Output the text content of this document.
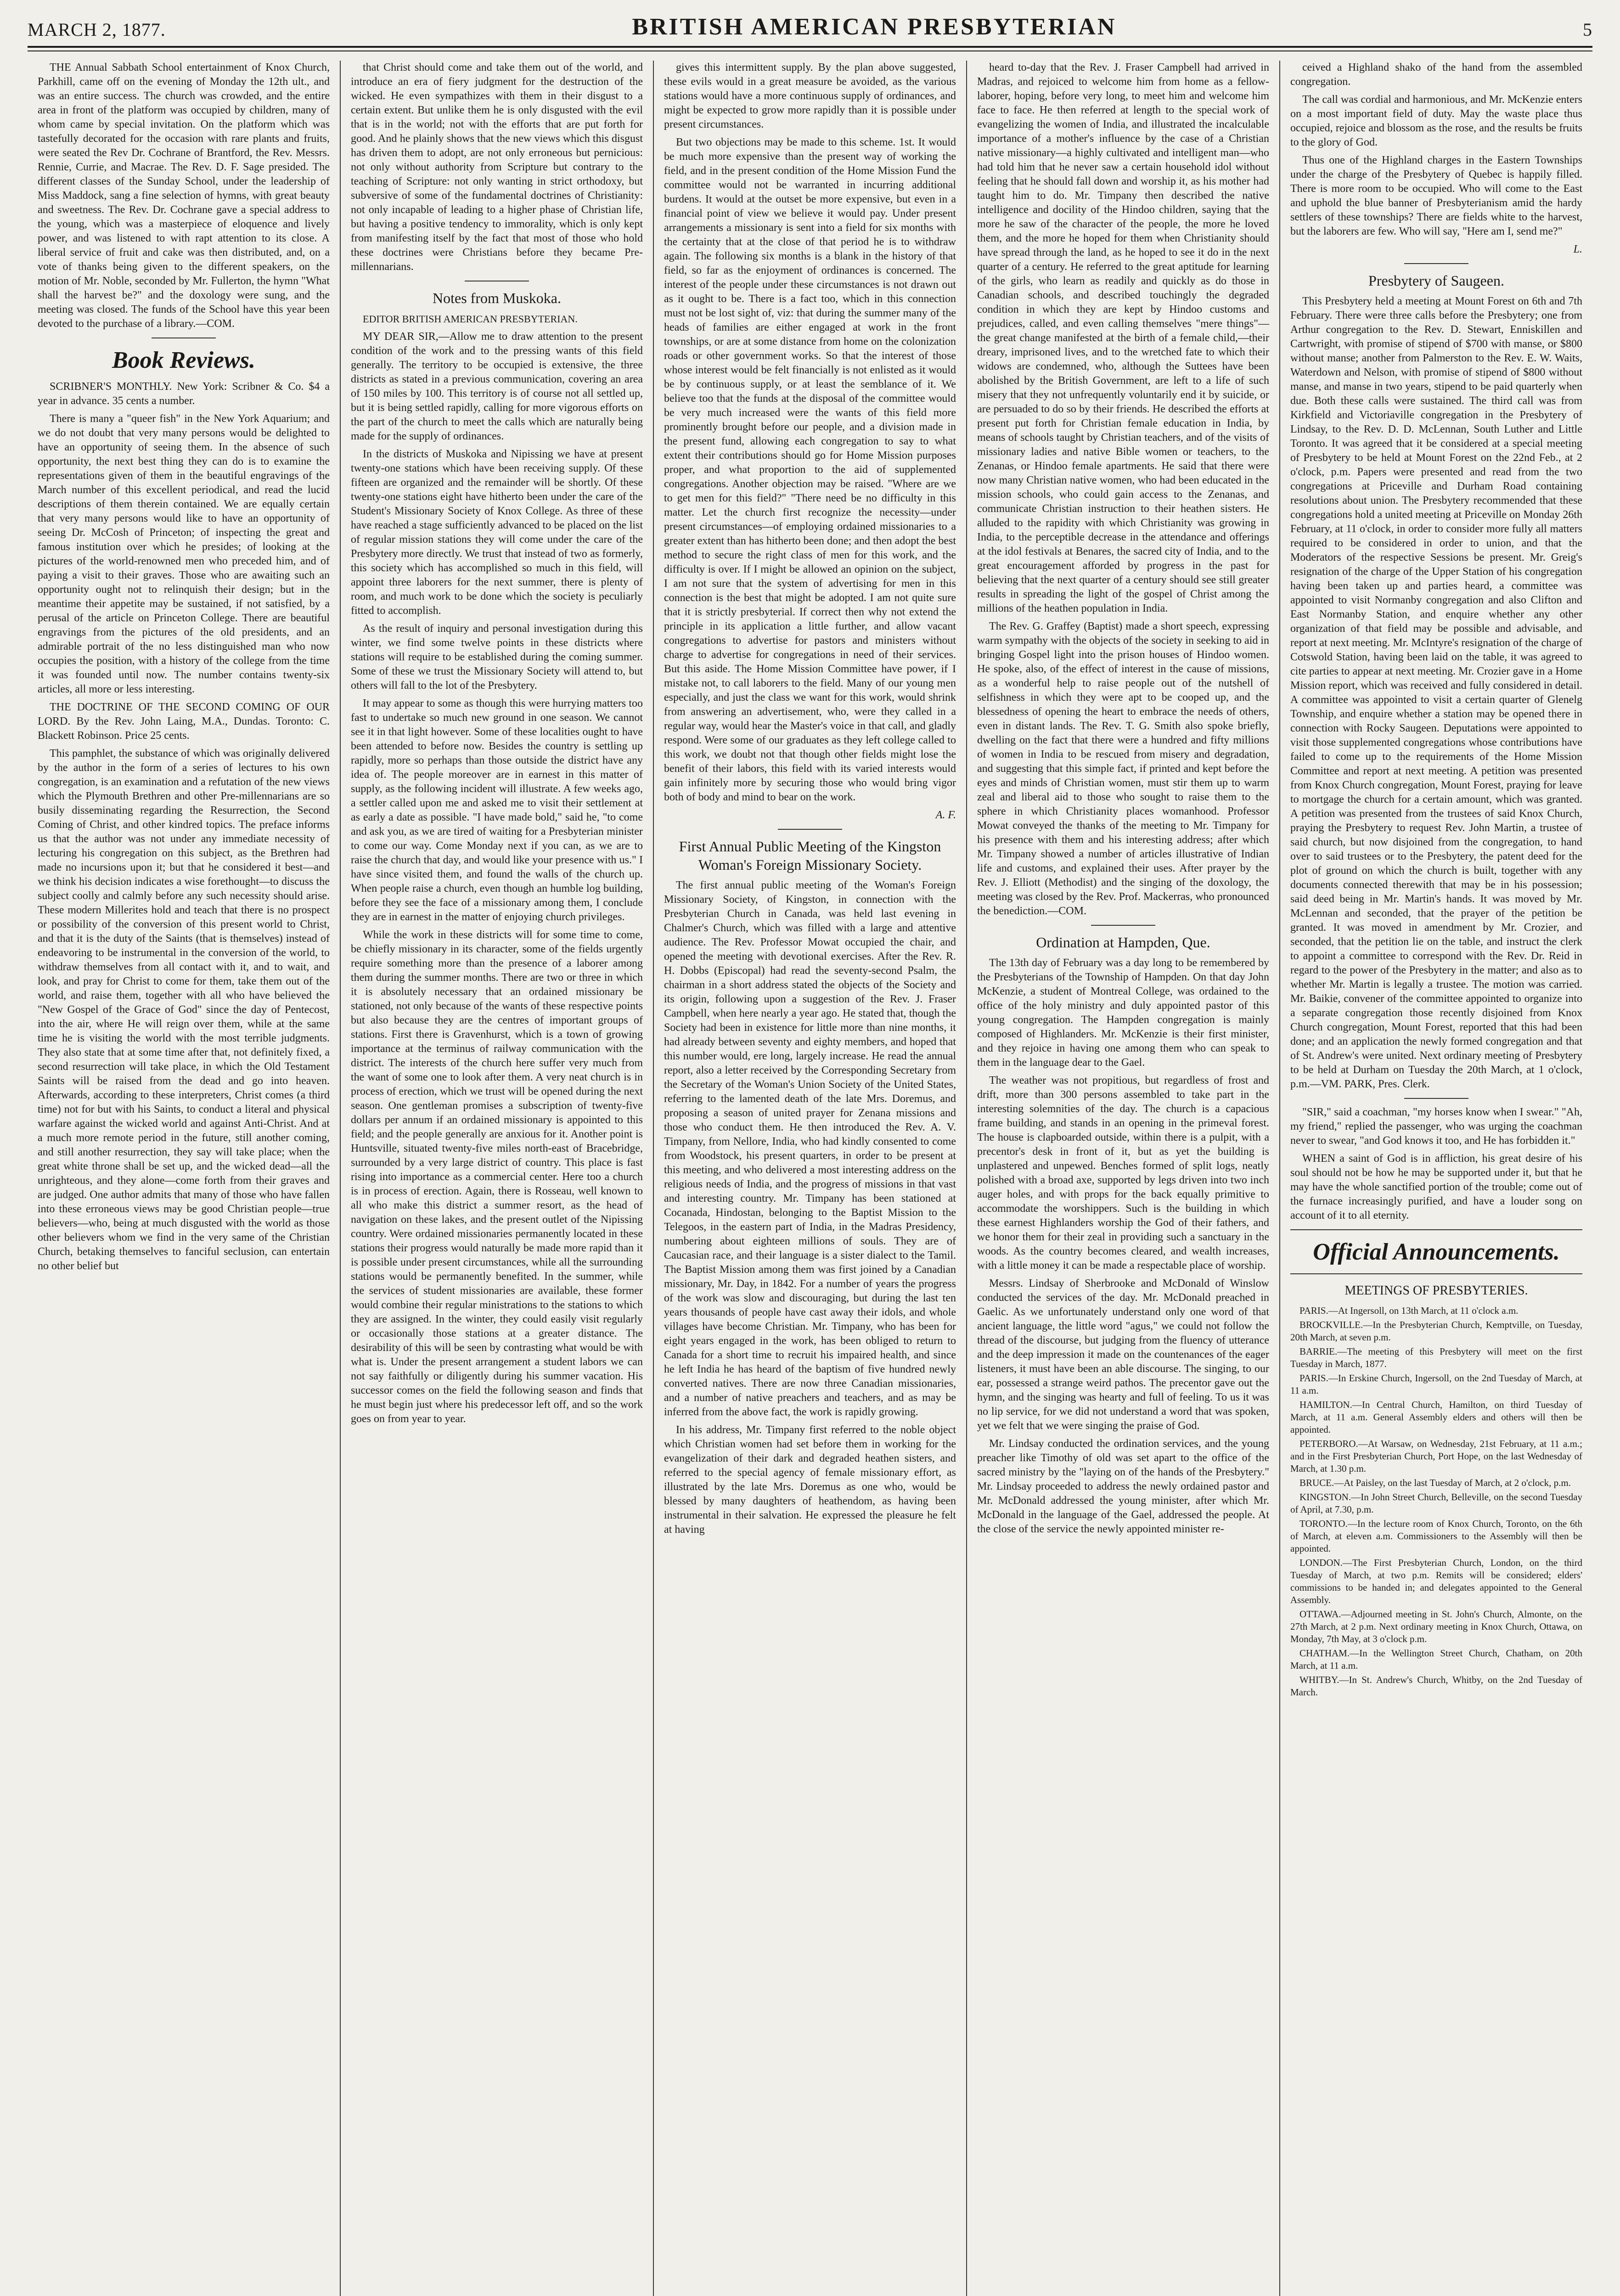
MARCH 2, 1877.	BRITISH AMERICAN PRESBYTERIAN	5

THE Annual Sabbath School entertainment of Knox Church, Parkhill, came off on the evening of Monday the 12th ult., and was an entire success. The church was crowded, and the entire area in front of the platform was occupied by children, many of whom came by special invitation. On the platform which was tastefully decorated for the occasion with rare plants and fruits, were seated the Rev Dr. Cochrane of Brantford, the Rev. Messrs. Rennie, Currie, and Macrae. The Rev. D. F. Sage presided. The different classes of the Sunday School, under the leadership of Miss Maddock, sang a fine selection of hymns, with great beauty and sweetness. The Rev. Dr. Cochrane gave a special address to the young, which was a masterpiece of eloquence and lively power, and was listened to with rapt attention to its close. A liberal service of fruit and cake was then distributed, and, on a vote of thanks being given to the different speakers, on the motion of Mr. Noble, seconded by Mr. Fullerton, the hymn "What shall the harvest be?" and the doxology were sung, and the meeting was closed. The funds of the School have this year been devoted to the purchase of a library.—COM.

Book Reviews.

SCRIBNER'S MONTHLY. New York: Scribner & Co. $4 a year in advance. 35 cents a number.

There is many a "queer fish" in the New York Aquarium; and we do not doubt that very many persons would be delighted to have an opportunity of seeing them. In the absence of such opportunity, the next best thing they can do is to examine the representations given of them in the beautiful engravings of the March number of this excellent periodical, and read the lucid descriptions of them therein contained. We are equally certain that very many persons would like to have an opportunity of seeing Dr. McCosh of Princeton; of inspecting the great and famous institution over which he presides; of looking at the pictures of the world-renowned men who preceded him, and of paying a visit to their graves. Those who are awaiting such an opportunity ought not to relinquish their design; but in the meantime their appetite may be sustained, if not satisfied, by a perusal of the article on Princeton College. There are beautiful engravings from the pictures of the old presidents, and an admirable portrait of the no less distinguished man who now occupies the position, with a history of the college from the time it was founded until now. The number contains twenty-six articles, all more or less interesting.

THE DOCTRINE OF THE SECOND COMING OF OUR LORD. By the Rev. John Laing, M.A., Dundas. Toronto: C. Blackett Robinson. Price 25 cents.

This pamphlet, the substance of which was originally delivered by the author in the form of a series of lectures to his own congregation, is an examination and a refutation of the new views which the Plymouth Brethren and other Pre-millennarians are so busily disseminating regarding the Resurrection, the Second Coming of Christ, and other kindred topics. The preface informs us that the author was not under any immediate necessity of lecturing his congregation on this subject, as the Brethren had made no incursions upon it; but that he considered it best—and we think his decision indicates a wise forethought—to discuss the subject coolly and calmly before any such necessity should arise. These modern Millerites hold and teach that there is no prospect or possibility of the conversion of this present world to Christ, and that it is the duty of the Saints (that is themselves) instead of endeavoring to be instrumental in the conversion of the world, to withdraw themselves from all contact with it, and to wait, and look, and pray for Christ to come for them, take them out of the world, and raise them, together with all who have believed the "New Gospel of the Grace of God" since the day of Pentecost, into the air, where He will reign over them, while at the same time he is visiting the world with the most terrible judgments. They also state that at some time after that, not definitely fixed, a second resurrection will take place, in which the Old Testament Saints will be raised from the dead and go into heaven. Afterwards, according to these interpreters, Christ comes (a third time) not for but with his Saints, to conduct a literal and physical warfare against the wicked world and against Anti-Christ. And at a much more remote period in the future, still another coming, and still another resurrection, they say will take place; when the great white throne shall be set up, and the wicked dead—all the unrighteous, and they alone—come forth from their graves and are judged. One author admits that many of those who have fallen into these erroneous views may be good Christian people—true believers—who, being at much disgusted with the world as those other believers whom we find in the very same of the Christian Church, betaking themselves to fanciful seclusion, can entertain no other belief but

that Christ should come and take them out of the world, and introduce an era of fiery judgment for the destruction of the wicked. He even sympathizes with them in their disgust to a certain extent. But unlike them he is only disgusted with the evil that is in the world; not with the efforts that are put forth for good. And he plainly shows that the new views which this disgust has driven them to adopt, are not only erroneous but pernicious: not only without authority from Scripture but contrary to the teaching of Scripture: not only wanting in strict orthodoxy, but subversive of some of the fundamental doctrines of Christianity: not only incapable of leading to a higher phase of Christian life, but having a positive tendency to immorality, which is only kept from manifesting itself by the fact that most of those who hold these doctrines were Christians before they became Pre-millennarians.

Notes from Muskoka.

EDITOR BRITISH AMERICAN PRESBYTERIAN.

MY DEAR SIR,—Allow me to draw attention to the present condition of the work and to the pressing wants of this field generally. The territory to be occupied is extensive, the three districts as stated in a previous communication, covering an area of 150 miles by 100. This territory is of course not all settled up, but it is being settled rapidly, calling for more vigorous efforts on the part of the church to meet the calls which are naturally being made for the supply of ordinances.

In the districts of Muskoka and Nipissing we have at present twenty-one stations which have been receiving supply. Of these fifteen are organized and the remainder will be shortly. Of these twenty-one stations eight have hitherto been under the care of the Student's Missionary Society of Knox College. As three of these have reached a stage sufficiently advanced to be placed on the list of regular mission stations they will come under the care of the Presbytery more directly. We trust that instead of two as formerly, this society which has accomplished so much in this field, will appoint three laborers for the next summer, there is plenty of room, and much work to be done which the society is peculiarly fitted to accomplish.

As the result of inquiry and personal investigation during this winter, we find some twelve points in these districts where stations will require to be established during the coming summer. Some of these we trust the Missionary Society will attend to, but others will fall to the lot of the Presbytery.

It may appear to some as though this were hurrying matters too fast to undertake so much new ground in one season. We cannot see it in that light however. Some of these localities ought to have been attended to before now. Besides the country is settling up rapidly, more so perhaps than those outside the district have any idea of. The people moreover are in earnest in this matter of supply, as the following incident will illustrate. A few weeks ago, a settler called upon me and asked me to visit their settlement at as early a date as possible. "I have made bold," said he, "to come and ask you, as we are tired of waiting for a Presbyterian minister to come our way. Come Monday next if you can, as we are to raise the church that day, and would like your presence with us." I have since visited them, and found the walls of the church up. When people raise a church, even though an humble log building, before they see the face of a missionary among them, I conclude they are in earnest in the matter of enjoying church privileges.

While the work in these districts will for some time to come, be chiefly missionary in its character, some of the fields urgently require something more than the presence of a laborer among them during the summer months. There are two or three in which it is absolutely necessary that an ordained missionary be stationed, not only because of the wants of these respective points but also because they are the centres of important groups of stations. First there is Gravenhurst, which is a town of growing importance at the terminus of railway communication with the district. The interests of the church here suffer very much from the want of some one to look after them. A very neat church is in process of erection, which we trust will be opened during the next season. One gentleman promises a subscription of twenty-five dollars per annum if an ordained missionary is appointed to this field; and the people generally are anxious for it. Another point is Huntsville, situated twenty-five miles north-east of Bracebridge, surrounded by a very large district of country. This place is fast rising into importance as a commercial center. Here too a church is in process of erection. Again, there is Rosseau, well known to all who make this district a summer resort, as the head of navigation on these lakes, and the present outlet of the Nipissing country. Were ordained missionaries permanently located in these stations their progress would naturally be made more rapid than it is possible under present circumstances, while all the surrounding stations would be permanently benefited. In the summer, while the services of student missionaries are available, these former would combine their regular ministrations to the stations to which they are assigned. In the winter, they could easily visit regularly or occasionally those stations at a greater distance. The desirability of this will be seen by contrasting what would be with what is. Under the present arrangement a student labors we can not say faithfully or diligently during his summer vacation. His successor comes on the field the following season and finds that he must begin just where his predecessor left off, and so the work goes on from year to year.

gives this intermittent supply. By the plan above suggested, these evils would in a great measure be avoided, as the various stations would have a more continuous supply of ordinances, and might be expected to grow more rapidly than it is possible under present circumstances.

But two objections may be made to this scheme. 1st. It would be much more expensive than the present way of working the field, and in the present condition of the Home Mission Fund the committee would not be warranted in incurring additional burdens. It would at the outset be more expensive, but even in a financial point of view we believe it would pay. Under present arrangements a missionary is sent into a field for six months with the certainty that at the close of that period he is to withdraw again. The following six months is a blank in the history of that field, so far as the enjoyment of ordinances is concerned. The interest of the people under these circumstances is not drawn out as it ought to be. There is a fact too, which in this connection must not be lost sight of, viz: that during the summer many of the heads of families are either engaged at work in the front townships, or are at some distance from home on the colonization roads or other government works. So that the interest of those whose interest would be felt financially is not enlisted as it would be by continuous supply, or at least the semblance of it. We believe too that the funds at the disposal of the committee would be very much increased were the wants of this field more prominently brought before our people, and a division made in the present fund, allowing each congregation to say to what extent their contributions should go for Home Mission purposes proper, and what proportion to the aid of supplemented congregations. Another objection may be raised. "Where are we to get men for this field?" "There need be no difficulty in this matter. Let the church first recognize the necessity—under present circumstances—of employing ordained missionaries to a greater extent than has hitherto been done; and then adopt the best method to secure the right class of men for this work, and the difficulty is over. If I might be allowed an opinion on the subject, I am not sure that the system of advertising for men in this connection is the best that might be adopted. I am not quite sure that it is strictly presbyterial. If correct then why not extend the principle in its application a little further, and allow vacant congregations to advertise for pastors and ministers without charge to advertise for congregations in need of their services. But this aside. The Home Mission Committee have power, if I mistake not, to call laborers to the field. Many of our young men especially, and just the class we want for this work, would shrink from answering an advertisement, who, were they called in a regular way, would hear the Master's voice in that call, and gladly respond. Were some of our graduates as they left college called to this work, we doubt not that though other fields might lose the benefit of their labors, this field with its varied interests would gain infinitely more by securing those who would bring vigor both of body and mind to bear on the work.

A. F.

First Annual Public Meeting of the Kingston Woman's Foreign Missionary Society.

The first annual public meeting of the Woman's Foreign Missionary Society, of Kingston, in connection with the Presbyterian Church in Canada, was held last evening in Chalmer's Church, which was filled with a large and attentive audience. The Rev. Professor Mowat occupied the chair, and opened the meeting with devotional exercises. After the Rev. R. H. Dobbs (Episcopal) had read the seventy-second Psalm, the chairman in a short address stated the objects of the Society and its origin, following upon a suggestion of the Rev. J. Fraser Campbell, when here nearly a year ago. He stated that, though the Society had been in existence for little more than nine months, it had already between seventy and eighty members, and hoped that this number would, ere long, largely increase. He read the annual report, also a letter received by the Corresponding Secretary from the Secretary of the Woman's Union Society of the United States, referring to the lamented death of the late Mrs. Doremus, and proposing a season of united prayer for Zenana missions and those who conduct them. He then introduced the Rev. A. V. Timpany, from Nellore, India, who had kindly consented to come from Woodstock, his present quarters, in order to be present at this meeting, and who delivered a most interesting address on the religious needs of India, and the progress of missions in that vast and interesting country. Mr. Timpany has been stationed at Cocanada, Hindostan, belonging to the Baptist Mission to the Telegoos, in the eastern part of India, in the Madras Presidency, numbering about eighteen millions of souls. They are of Caucasian race, and their language is a sister dialect to the Tamil. The Baptist Mission among them was first joined by a Canadian missionary, Mr. Day, in 1842. For a number of years the progress of the work was slow and discouraging, but during the last ten years thousands of people have cast away their idols, and whole villages have become Christian. Mr. Timpany, who has been for eight years engaged in the work, has been obliged to return to Canada for a short time to recruit his impaired health, and since he left India he has heard of the baptism of five hundred newly converted natives. There are now three Canadian missionaries, and a number of native preachers and teachers, and as may be inferred from the above fact, the work is rapidly growing.

In his address, Mr. Timpany first referred to the noble object which Christian women had set before them in working for the evangelization of their dark and degraded heathen sisters, and referred to the special agency of female missionary effort, as illustrated by the late Mrs. Doremus as one who, would be blessed by many daughters of heathendom, as having been instrumental in their salvation. He expressed the pleasure he felt at having

heard to-day that the Rev. J. Fraser Campbell had arrived in Madras, and rejoiced to welcome him from home as a fellow-laborer, hoping, before very long, to meet him and welcome him face to face. He then referred at length to the special work of evangelizing the women of India, and illustrated the incalculable importance of a mother's influence by the case of a Christian native missionary—a highly cultivated and intelligent man—who had told him that he never saw a certain household idol without feeling that he should fall down and worship it, as his mother had taught him to do. Mr. Timpany then described the native intelligence and docility of the Hindoo children, saying that the more he saw of the character of the people, the more he loved them, and the more he hoped for them when Christianity should have spread through the land, as he hoped to see it do in the next quarter of a century. He referred to the great aptitude for learning of the girls, who learn as readily and quickly as do those in Canadian schools, and described touchingly the degraded condition in which they are kept by Hindoo customs and prejudices, called, and even calling themselves "mere things"—the great change manifested at the birth of a female child,—their dreary, imprisoned lives, and to the wretched fate to which their widows are condemned, who, although the Suttees have been abolished by the British Government, are left to a life of such misery that they not unfrequently voluntarily end it by suicide, or are persuaded to do so by their friends. He described the efforts at present put forth for Christian female education in India, by means of schools taught by Christian teachers, and of the visits of missionary ladies and native Bible women or teachers, to the Zenanas, or Hindoo female apartments. He said that there were now many Christian native women, who had been educated in the mission schools, who could gain access to the Zenanas, and communicate Christian instruction to their heathen sisters. He alluded to the rapidity with which Christianity was growing in India, to the perceptible decrease in the attendance and offerings at the idol festivals at Benares, the sacred city of India, and to the great encouragement afforded by progress in the past for believing that the next quarter of a century should see still greater results in spreading the light of the gospel of Christ among the millions of the heathen population in India.

The Rev. G. Graffey (Baptist) made a short speech, expressing warm sympathy with the objects of the society in seeking to aid in bringing Gospel light into the prison houses of Hindoo women. He spoke, also, of the effect of interest in the cause of missions, as a wonderful help to raise people out of the nutshell of selfishness in which they were apt to be cooped up, and the blessedness of opening the heart to embrace the needs of others, even in distant lands. The Rev. T. G. Smith also spoke briefly, dwelling on the fact that there were a hundred and fifty millions of women in India to be rescued from misery and degradation, and suggesting that this simple fact, if printed and kept before the eyes and minds of Christian women, must stir them up to warm zeal and liberal aid to those who sought to raise them to the sphere in which Christianity places womanhood. Professor Mowat conveyed the thanks of the meeting to Mr. Timpany for his presence with them and his interesting address; after which Mr. Timpany showed a number of articles illustrative of Indian life and customs, and explained their uses. After prayer by the Rev. J. Elliott (Methodist) and the singing of the doxology, the meeting was closed by the Rev. Prof. Mackerras, who pronounced the benediction.—COM.

Ordination at Hampden, Que.

The 13th day of February was a day long to be remembered by the Presbyterians of the Township of Hampden. On that day John McKenzie, a student of Montreal College, was ordained to the office of the holy ministry and duly appointed pastor of this young congregation. The Hampden congregation is mainly composed of Highlanders. Mr. McKenzie is their first minister, and they rejoice in having one among them who can speak to them in the language dear to the Gael.

The weather was not propitious, but regardless of frost and drift, more than 300 persons assembled to take part in the interesting solemnities of the day. The church is a capacious frame building, and stands in an opening in the primeval forest. The house is clapboarded outside, within there is a pulpit, with a precentor's desk in front of it, but as yet the building is unplastered and unpewed. Benches formed of split logs, neatly polished with a broad axe, supported by legs driven into two inch auger holes, and with props for the back equally primitive to accommodate the worshippers. Such is the building in which these earnest Highlanders worship the God of their fathers, and we honor them for their zeal in providing such a sanctuary in the woods. As the country becomes cleared, and wealth increases, with a little money it can be made a respectable place of worship.

Messrs. Lindsay of Sherbrooke and McDonald of Winslow conducted the services of the day. Mr. McDonald preached in Gaelic. As we unfortunately understand only one word of that ancient language, the little word "agus," we could not follow the thread of the discourse, but judging from the fluency of utterance and the deep impression it made on the countenances of the eager listeners, it must have been an able discourse. The singing, to our ear, possessed a strange weird pathos. The precentor gave out the hymn, and the singing was hearty and full of feeling. To us it was no lip service, for we did not understand a word that was spoken, yet we felt that we were singing the praise of God.

Mr. Lindsay conducted the ordination services, and the young preacher like Timothy of old was set apart to the office of the sacred ministry by the "laying on of the hands of the Presbytery." Mr. Lindsay proceeded to address the newly ordained pastor and Mr. McDonald addressed the young minister, after which Mr. McDonald in the language of the Gael, addressed the people. At the close of the service the newly appointed minister re-

ceived a Highland shako of the hand from the assembled congregation.

The call was cordial and harmonious, and Mr. McKenzie enters on a most important field of duty. May the waste place thus occupied, rejoice and blossom as the rose, and the results be fruits to the glory of God.

Thus one of the Highland charges in the Eastern Townships under the charge of the Presbytery of Quebec is happily filled. There is more room to be occupied. Who will come to the East and uphold the blue banner of Presbyterianism amid the hardy settlers of these townships? There are fields white to the harvest, but the laborers are few. Who will say, "Here am I, send me?"

L.

Presbytery of Saugeen.

This Presbytery held a meeting at Mount Forest on 6th and 7th February. There were three calls before the Presbytery; one from Arthur congregation to the Rev. D. Stewart, Enniskillen and Cartwright, with promise of stipend of $700 with manse, or $800 without manse; another from Palmerston to the Rev. E. W. Waits, Waterdown and Nelson, with promise of stipend of $800 without manse, and manse in two years, stipend to be paid quarterly when due. Both these calls were sustained. The third call was from Kirkfield and Victoriaville congregation in the Presbytery of Lindsay, to the Rev. D. D. McLennan, South Luther and Little Toronto. It was agreed that it be considered at a special meeting of Presbytery to be held at Mount Forest on the 22nd Feb., at 2 o'clock, p.m. Papers were presented and read from the two congregations at Priceville and Durham Road containing resolutions about union. The Presbytery recommended that these congregations hold a united meeting at Priceville on Monday 26th February, at 11 o'clock, in order to consider more fully all matters required to be considered in order to union, and that the Moderators of the respective Sessions be present. Mr. Greig's resignation of the charge of the Upper Station of his congregation having been taken up and parties heard, a committee was appointed to visit Normanby congregation and also Clifton and East Normanby Station, and enquire whether any other organization of that field may be possible and advisable, and report at next meeting. Mr. McIntyre's resignation of the charge of Cotswold Station, having been laid on the table, it was agreed to cite parties to appear at next meeting. Mr. Crozier gave in a Home Mission report, which was received and fully considered in detail. A committee was appointed to visit a certain quarter of Glenelg Township, and enquire whether a station may be opened there in connection with Rocky Saugeen. Deputations were appointed to visit those supplemented congregations whose contributions have failed to come up to the requirements of the Home Mission Committee and report at next meeting. A petition was presented from Knox Church congregation, Mount Forest, praying for leave to mortgage the church for a certain amount, which was granted. A petition was presented from the trustees of said Knox Church, praying the Presbytery to request Rev. John Martin, a trustee of said church, but now disjoined from the congregation, to hand over to said trustees or to the Presbytery, the patent deed for the plot of ground on which the church is built, together with any documents connected therewith that may be in his possession; said deed being in Mr. Martin's hands. It was moved by Mr. McLennan and seconded, that the prayer of the petition be granted. It was moved in amendment by Mr. Crozier, and seconded, that the petition lie on the table, and instruct the clerk to appoint a committee to correspond with the Rev. Dr. Reid in regard to the power of the Presbytery in the matter; and also as to whether Mr. Martin is legally a trustee. The motion was carried. Mr. Baikie, convener of the committee appointed to organize into a separate congregation those recently disjoined from Knox Church congregation, Mount Forest, reported that this had been done; and an application the newly formed congregation and that of St. Andrew's were united. Next ordinary meeting of Presbytery to be held at Durham on Tuesday the 20th March, at 1 o'clock, p.m.—VM. PARK, Pres. Clerk.

"SIR," said a coachman, "my horses know when I swear." "Ah, my friend," replied the passenger, who was urging the coachman never to swear, "and God knows it too, and He has forbidden it."

WHEN a saint of God is in affliction, his great desire of his soul should not be how he may be supported under it, but that he may have the whole sanctified portion of the trouble; come out of the furnace increasingly purified, and have a louder song on account of it to all eternity.

Official Announcements.
MEETINGS OF PRESBYTERIES.

PARIS.—At Ingersoll, on 13th March, at 11 o'clock a.m.

BROCKVILLE.—In the Presbyterian Church, Kemptville, on Tuesday, 20th March, at seven p.m.

BARRIE.—The meeting of this Presbytery will meet on the first Tuesday in March, 1877.

PARIS.—In Erskine Church, Ingersoll, on the 2nd Tuesday of March, at 11 a.m.

HAMILTON.—In Central Church, Hamilton, on third Tuesday of March, at 11 a.m. General Assembly elders and others will then be appointed.

PETERBORO.—At Warsaw, on Wednesday, 21st February, at 11 a.m.; and in the First Presbyterian Church, Port Hope, on the last Wednesday of March, at 1.30 p.m.

BRUCE.—At Paisley, on the last Tuesday of March, at 2 o'clock, p.m.

KINGSTON.—In John Street Church, Belleville, on the second Tuesday of April, at 7.30, p.m.

TORONTO.—In the lecture room of Knox Church, Toronto, on the 6th of March, at eleven a.m. Commissioners to the Assembly will then be appointed.

LONDON.—The First Presbyterian Church, London, on the third Tuesday of March, at two p.m. Remits will be considered; elders' commissions to be handed in; and delegates appointed to the General Assembly.

OTTAWA.—Adjourned meeting in St. John's Church, Almonte, on the 27th March, at 2 p.m. Next ordinary meeting in Knox Church, Ottawa, on Monday, 7th May, at 3 o'clock p.m.

CHATHAM.—In the Wellington Street Church, Chatham, on 20th March, at 11 a.m.

WHITBY.—In St. Andrew's Church, Whitby, on the 2nd Tuesday of March.
